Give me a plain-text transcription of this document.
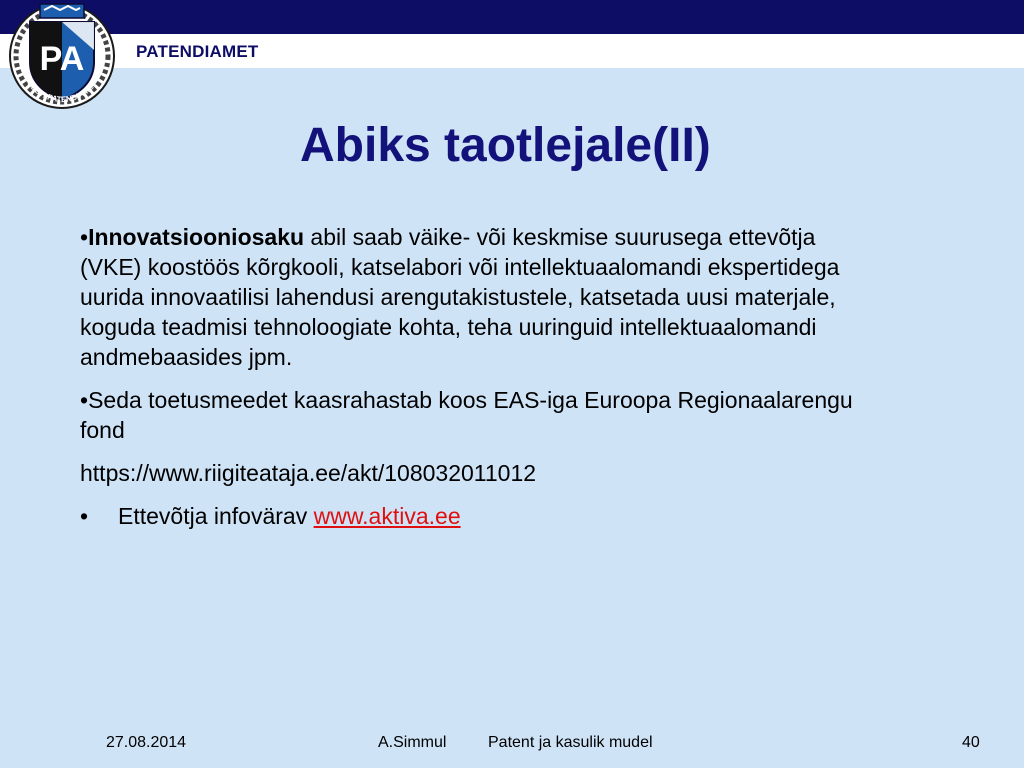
PA
EESTI PATENDIAMET
PATENDIAMET
Abiks taotlejale(II)

•Innovatsiooniosaku abil saab väike- või keskmise suurusega ettevõtja (VKE) koostöös kõrgkooli, katselabori või intellektuaalomandi ekspertidega uurida innovaatilisi lahendusi arengutakistustele, katsetada uusi materjale, koguda teadmisi tehnoloogiate kohta, teha uuringuid intellektuaalomandi andmebaasides jpm.

•Seda toetusmeedet kaasrahastab koos EAS-iga Euroopa Regionaalarengu fond

https://www.riigiteataja.ee/akt/108032011012

• Ettevõtja infovärav www.aktiva.ee

27.08.2014	A.Simmul	Patent ja kasulik mudel	40
